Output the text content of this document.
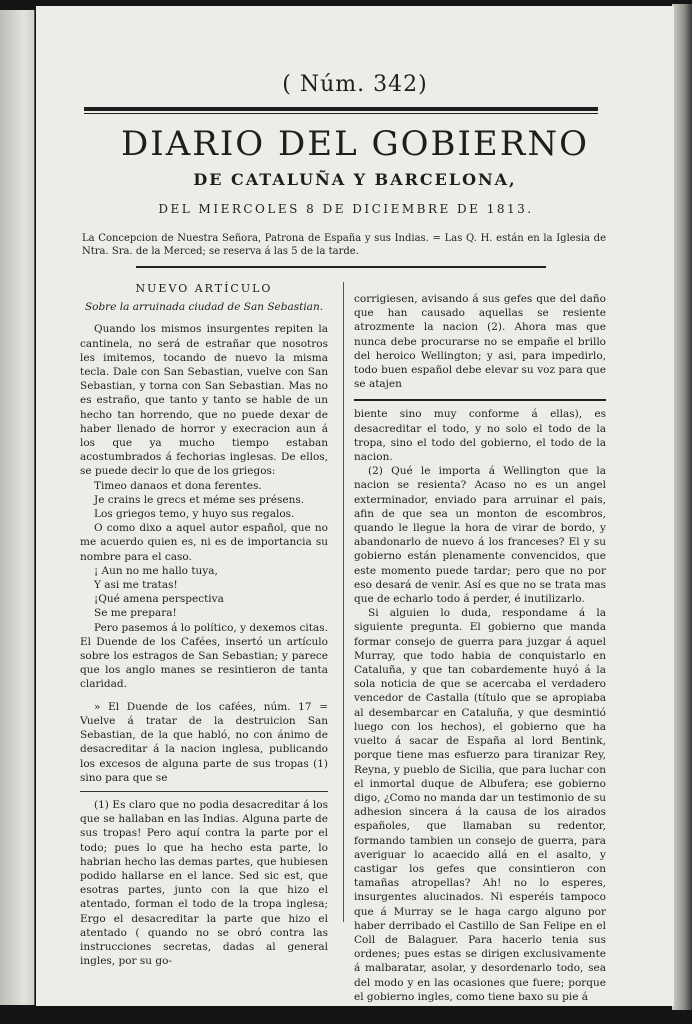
( Núm. 342)
DIARIO DEL GOBIERNO
DE CATALUÑA Y BARCELONA,
DEL MIERCOLES 8 DE DICIEMBRE DE 1813.
La Concepcion de Nuestra Señora, Patrona de España y sus Indias. = Las Q. H. están en la Iglesia de Ntra. Sra. de la Merced; se reserva á las 5 de la tarde.

NUEVO ARTÍCULO

Sobre la arruinada ciudad de San Sebastian.

Quando los mismos insurgentes repiten la cantinela, no será de estrañar que nosotros les imitemos, tocando de nuevo la misma tecla. Dale con San Sebastian, vuelve con San Sebastian, y torna con San Sebastian. Mas no es estraño, que tanto y tanto se hable de un hecho tan horrendo, que no puede dexar de haber llenado de horror y execracion aun á los que ya mucho tiempo estaban acostumbrados á fechorias inglesas. De ellos, se puede decir lo que de los griegos:

Timeo danaos et dona ferentes.

Je crains le grecs et méme ses présens.

Los griegos temo, y huyo sus regalos.

O como dixo a aquel autor español, que no me acuerdo quien es, ni es de importancia su nombre para el caso.

¡ Aun no me hallo tuya,

Y asi me tratas!

¡Qué amena perspectiva

Se me prepara!

Pero pasemos á lo político, y dexemos citas. El Duende de los Cafées, insertó un artículo sobre los estragos de San Sebastian; y parece que los anglo manes se resintieron de tanta claridad.

» El Duende de los cafées, núm. 17 = Vuelve á tratar de la destruicion San Sebastian, de la que habló, no con ánimo de desacreditar á la nacion inglesa, publicando los excesos de alguna parte de sus tropas (1) sino para que se

(1) Es claro que no podia desacreditar á los que se hallaban en las Indias. Alguna parte de sus tropas! Pero aquí contra la parte por el todo; pues lo que ha hecho esta parte, lo habrian hecho las demas partes, que hubiesen podido hallarse en el lance. Sed sic est, que esotras partes, junto con la que hizo el atentado, forman el todo de la tropa inglesa; Ergo el desacreditar la parte que hizo el atentado ( quando no se obró contra las instrucciones secretas, dadas al general ingles, por su go-

corrigiesen, avisando á sus gefes que del daño que han causado aquellas se resiente atrozmente la nacion (2). Ahora mas que nunca debe procurarse no se empañe el brillo del heroico Wellington; y asi, para impedirlo, todo buen español debe elevar su voz para que se atajen

biente sino muy conforme á ellas), es desacreditar el todo, y no solo el todo de la tropa, sino el todo del gobierno, el todo de la nacion.

(2) Qué le importa á Wellington que la nacion se resienta? Acaso no es un angel exterminador, enviado para arruinar el pais, afin de que sea un monton de escombros, quando le llegue la hora de virar de bordo, y abandonarlo de nuevo á los franceses? El y su gobierno están plenamente convencidos, que este momento puede tardar; pero que no por eso desará de venir. Así es que no se trata mas que de echarlo todo á perder, é inutilizarlo.

Si alguien lo duda, respondame á la siguiente pregunta. El gobierno que manda formar consejo de guerra para juzgar á aquel Murray, que todo habia de conquistarlo en Cataluña, y que tan cobardemente huyó á la sola noticia de que se acercaba el verdadero vencedor de Castalla (título que se apropiaba al desembarcar en Cataluña, y que desmintió luego con los hechos), el gobierno que ha vuelto á sacar de España al lord Bentink, porque tiene mas esfuerzo para tiranizar Rey, Reyna, y pueblo de Sicilia, que para luchar con el inmortal duque de Albufera; ese gobierno digo, ¿Como no manda dar un testimonio de su adhesion sincera á la causa de los airados españoles, que llamaban su redentor, formando tambien un consejo de guerra, para averiguar lo acaecido allá en el asalto, y castigar los gefes que consintieron con tamañas atropellas? Ah! no lo esperes, insurgentes alucinados. Ni esperéis tampoco que á Murray se le haga cargo alguno por haber derribado el Castillo de San Felipe en el Coll de Balaguer. Para hacerlo tenia sus ordenes; pues estas se dirigen exclusivamente á malbaratar, asolar, y desordenarlo todo, sea del modo y en las ocasiones que fuere; porque el gobierno ingles, como tiene baxo su pie á
